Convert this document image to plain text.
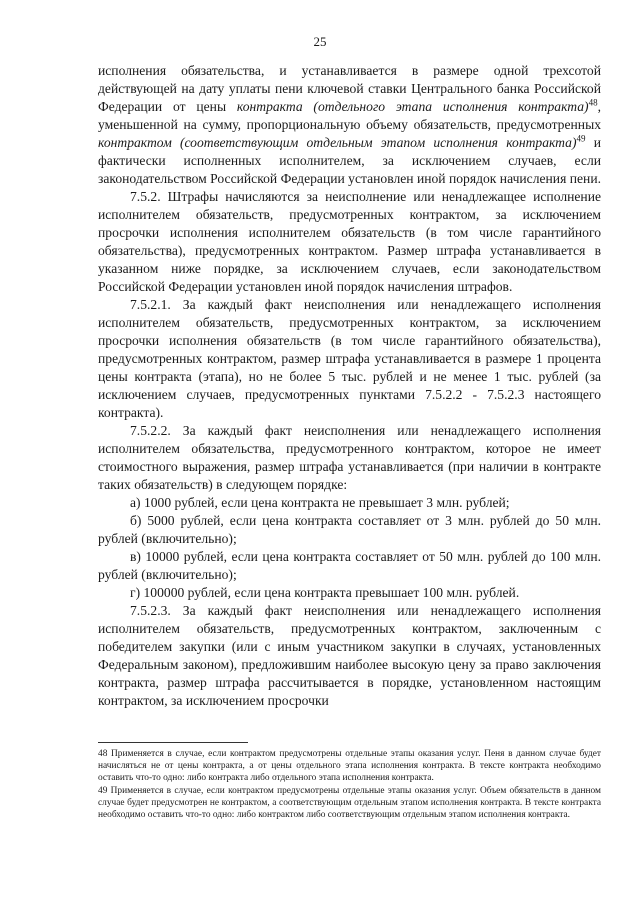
25

исполнения обязательства, и устанавливается в размере одной трехсотой действующей на дату уплаты пени ключевой ставки Центрального банка Российской Федерации от цены контракта (отдельного этапа исполнения контракта)$^{48}$, уменьшенной на сумму, пропорциональную объему обязательств, предусмотренных контрактом (соответствующим отдельным этапом исполнения контракта)$^{49}$ и фактически исполненных исполнителем, за исключением случаев, если законодательством Российской Федерации установлен иной порядок начисления пени.

7.5.2. Штрафы начисляются за неисполнение или ненадлежащее исполнение исполнителем обязательств, предусмотренных контрактом, за исключением просрочки исполнения исполнителем обязательств (в том числе гарантийного обязательства), предусмотренных контрактом. Размер штрафа устанавливается в указанном ниже порядке, за исключением случаев, если законодательством Российской Федерации установлен иной порядок начисления штрафов.

7.5.2.1. За каждый факт неисполнения или ненадлежащего исполнения исполнителем обязательств, предусмотренных контрактом, за исключением просрочки исполнения обязательств (в том числе гарантийного обязательства), предусмотренных контрактом, размер штрафа устанавливается в размере 1 процента цены контракта (этапа), но не более 5 тыс. рублей и не менее 1 тыс. рублей (за исключением случаев, предусмотренных пунктами 7.5.2.2 - 7.5.2.3 настоящего контракта).

7.5.2.2. За каждый факт неисполнения или ненадлежащего исполнения исполнителем обязательства, предусмотренного контрактом, которое не имеет стоимостного выражения, размер штрафа устанавливается (при наличии в контракте таких обязательств) в следующем порядке:

а) 1000 рублей, если цена контракта не превышает 3 млн. рублей;

б) 5000 рублей, если цена контракта составляет от 3 млн. рублей до 50 млн. рублей (включительно);

в) 10000 рублей, если цена контракта составляет от 50 млн. рублей до 100 млн. рублей (включительно);

г) 100000 рублей, если цена контракта превышает 100 млн. рублей.

7.5.2.3. За каждый факт неисполнения или ненадлежащего исполнения исполнителем обязательств, предусмотренных контрактом, заключенным с победителем закупки (или с иным участником закупки в случаях, установленных Федеральным законом), предложившим наиболее высокую цену за право заключения контракта, размер штрафа рассчитывается в порядке, установленном настоящим контрактом, за исключением просрочки

48 Применяется в случае, если контрактом предусмотрены отдельные этапы оказания услуг. Пеня в данном случае будет начисляться не от цены контракта, а от цены отдельного этапа исполнения контракта. В тексте контракта необходимо оставить что-то одно: либо контракта либо отдельного этапа исполнения контракта.

49 Применяется в случае, если контрактом предусмотрены отдельные этапы оказания услуг. Объем обязательств в данном случае будет предусмотрен не контрактом, а соответствующим отдельным этапом исполнения контракта. В тексте контракта необходимо оставить что-то одно: либо контрактом либо соответствующим отдельным этапом исполнения контракта.
